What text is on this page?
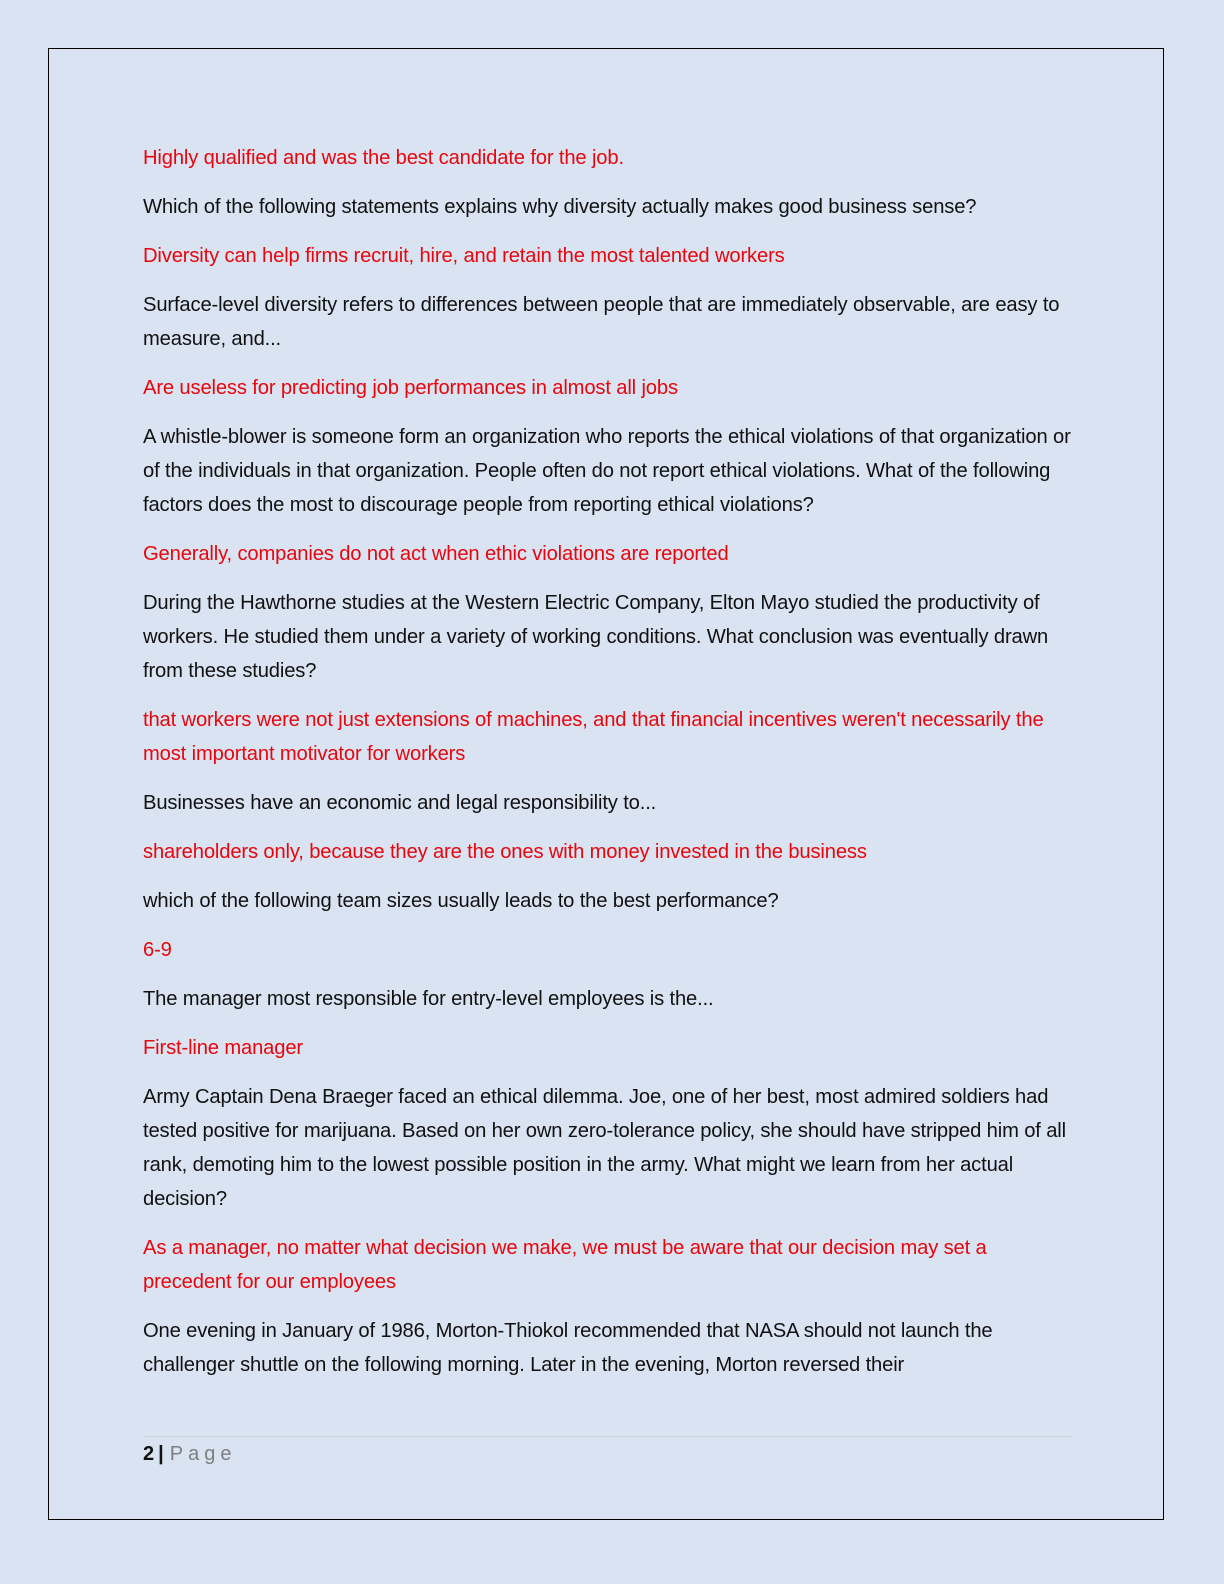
Highly qualified and was the best candidate for the job.

Which of the following statements explains why diversity actually makes good business sense?

Diversity can help firms recruit, hire, and retain the most talented workers

Surface-level diversity refers to differences between people that are immediately observable, are easy to measure, and...

Are useless for predicting job performances in almost all jobs

A whistle-blower is someone form an organization who reports the ethical violations of that organization or of the individuals in that organization. People often do not report ethical violations. What of the following factors does the most to discourage people from reporting ethical violations?

Generally, companies do not act when ethic violations are reported

During the Hawthorne studies at the Western Electric Company, Elton Mayo studied the productivity of workers. He studied them under a variety of working conditions. What conclusion was eventually drawn from these studies?

that workers were not just extensions of machines, and that financial incentives weren't necessarily the most important motivator for workers

Businesses have an economic and legal responsibility to...

shareholders only, because they are the ones with money invested in the business

which of the following team sizes usually leads to the best performance?

6-9

The manager most responsible for entry-level employees is the...

First-line manager

Army Captain Dena Braeger faced an ethical dilemma. Joe, one of her best, most admired soldiers had tested positive for marijuana. Based on her own zero-tolerance policy, she should have stripped him of all rank, demoting him to the lowest possible position in the army. What might we learn from her actual decision?

As a manager, no matter what decision we make, we must be aware that our decision may set a precedent for our employees

One evening in January of 1986, Morton-Thiokol recommended that NASA should not launch the challenger shuttle on the following morning. Later in the evening, Morton reversed their

2 | Page
